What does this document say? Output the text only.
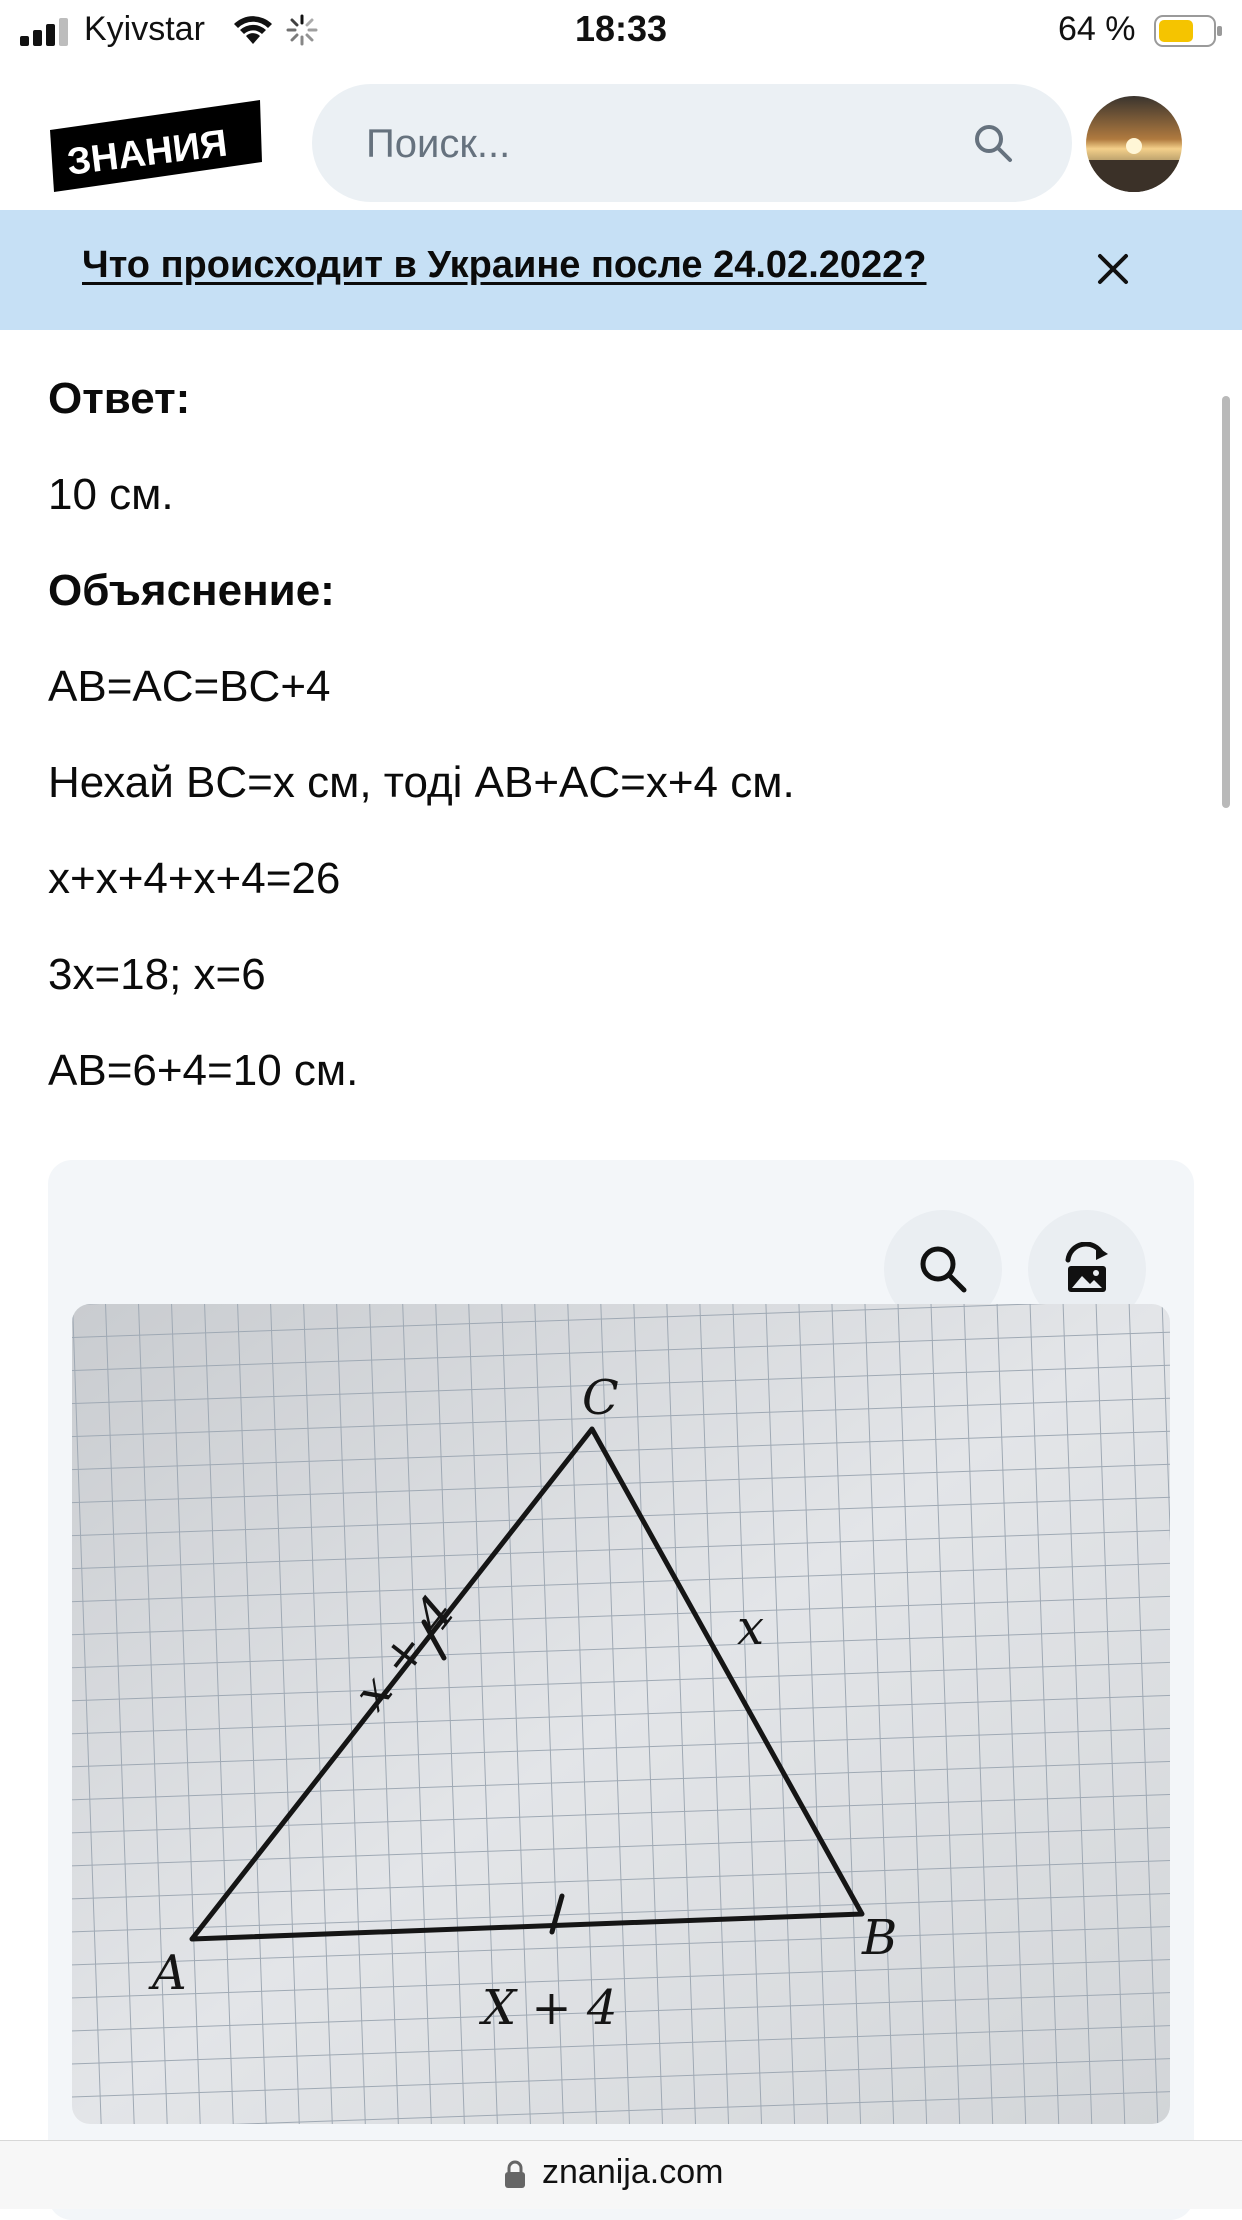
Kyivstar	18:33	64 %
ЗНАНИЯ
Поиск...
Что происходит в Украине после 24.02.2022?
Ответ:
10 см.
Объяснение:
AB=AC=BC+4
Нехай BC=x см, тоді AB+AC=x+4 см.
x+x+4+x+4=26
3x=18; x=6
AB=6+4=10 см.
A
B
C
x + 4	x
X + 4
znanija.com
